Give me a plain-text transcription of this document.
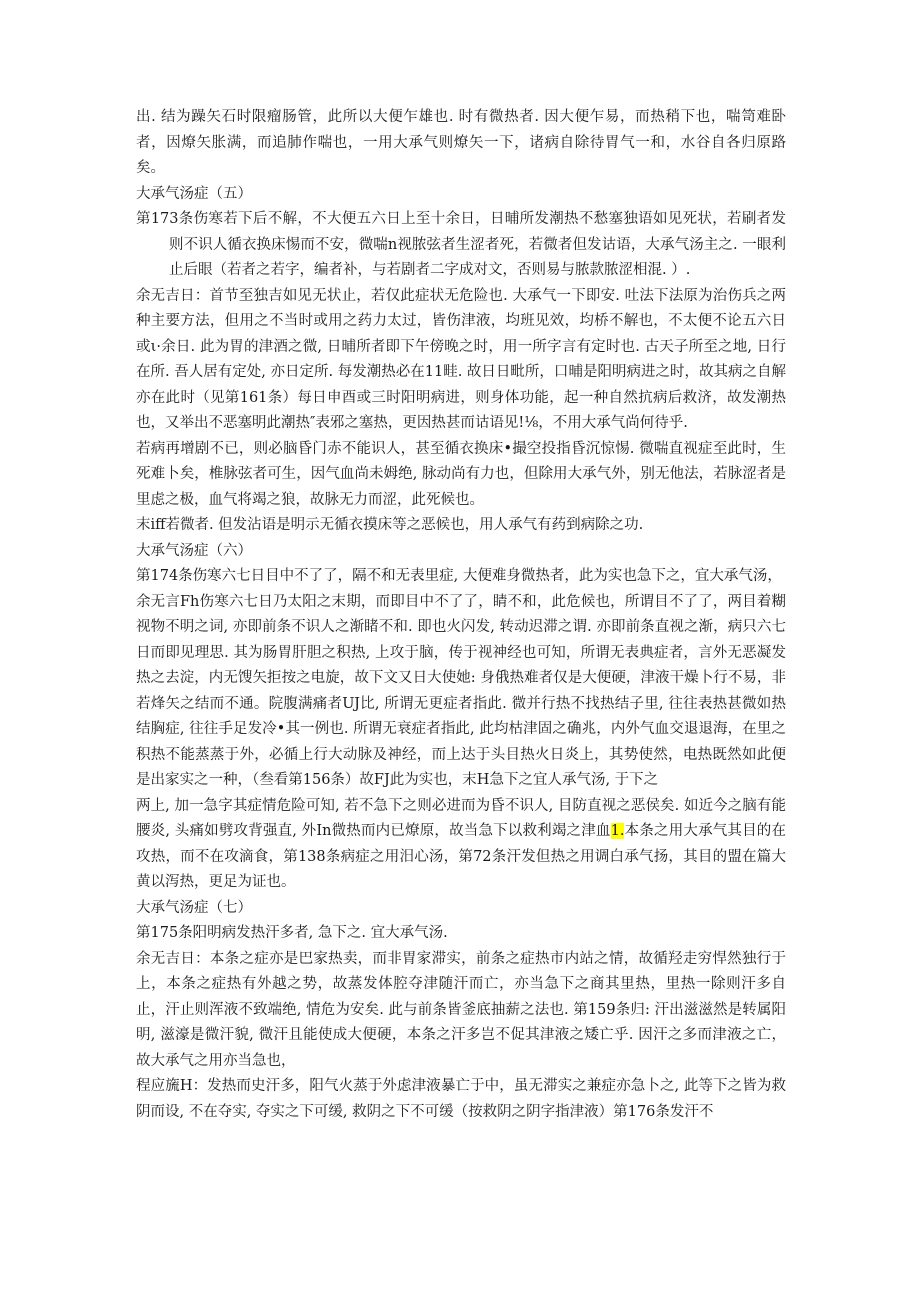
出. 结为躁矢石时限瘤肠管，此所以大便乍雄也. 时有微热者. 因大便乍易，而热稍下也，喘笥难卧者，因燎矢胀满，而追肺作喘也，一用大承气则燎矢一下，诸病自除待胃气一和，水谷自各归原路矣。

大承气汤症（五）

第173条伤寒若下后不解，不大便五六日上至十余日，日晡所发潮热不愁塞独语如见死状，若刷者发则不识人循衣换床惕而不安，微喘n视脓弦者生涩者死，若微者但发诂语，大承气汤主之. 一眼利止后眼（若者之若字，编者补，与若剧者二字成对文，否则易与脓款脓涩相混. ）.

余无吉日：首节至独吉如见无状止，若仅此症状无危险也. 大承气一下即安. 吐法下法原为治伤兵之两种主要方法，但用之不当时或用之药力太过，皆伤津液，均班见效，均桥不解也，不太便不论五六日或ι·余日. 此为胃的津酒之微, 日晡所者即下午傍晚之时，用一所字言有定时也. 古天子所至之地, 日行在所. 吾人居有定处, 亦日定所. 每发潮热必在11畦. 故日日毗所，口晡是阳明病进之时，故其病之自解亦在此时（见第161条）每日申酉或三时阳明病进，则身体功能，起一种自然抗病后救济，故发潮热也，又举出不恶塞明此潮热″表邪之塞热，更因热甚而诂语见!⅛，不用大承气尚何待乎.

若病再增剧不已，则必脑昏门赤不能识人，甚至循衣换床•撮空投指昏沉惊惕. 微喘直视症至此时，生死难卜矣，椎脉弦者可生，因气血尚未姆绝, 脉动尚有力也，但除用大承气外，别无他法，若脉涩者是里虑之极，血气将竭之狼，故脉无力而涩，此死候也。

末iff若微者. 但发沾语是明示无循衣摸床等之恶候也，用人承气有药到病除之功.

大承气汤症（六）

第174条伤寒六七日目中不了了，隔不和无表里症, 大便难身微热者，此为实也急下之，宜大承气汤，

余无言Fh伤寒六七日乃太阳之末期，而即目中不了了，睛不和，此危候也，所谓目不了了，两目着糊视物不明之词, 亦即前条不识人之渐睹不和. 即也火闪发, 转动迟滞之谓. 亦即前条直视之渐，病只六七日而即见理思. 其为肠胃肝胆之积热, 上攻于脑，传于视神经也可知，所谓无表典症者，言外无恶凝发热之去淀，内无馊矢拒按之电旋，故下文又日大使她: 身俄热难者仅是大便硬，津液干燥卜行不易，非若烽矢之结而不通。院腹满痛者UJ比, 所谓无更症者指此. 微并行热不找热结子里, 往往表热甚微如热结胸症, 往往手足发冷•其一例也. 所谓无衰症者指此, 此均枯津固之确兆，内外气血交退退海，在里之积热不能蒸蒸于外，必循上行大动脉及神经，而上达于头目热火日炎上，其势使然，电热既然如此便是出家实之一种，（叁看第156条）故FJ此为实也，末H急下之宜人承气汤, 于下之

两上, 加一急字其症情危险可知, 若不急下之则必进而为昏不识人, 目防直视之恶侯矣. 如近今之脑有能腰炎, 头痛如劈攻背强直, 外In微热而内已燎原，故当急下以救利竭之津血1.本条之用大承气其目的在攻热，而不在攻滴食，第138条病症之用汨心汤，第72条汗发但热之用调白承气扬，其目的盟在篇大黄以泻热，更足为证也。

大承气汤症（七）

第175条阳明病发热汗多者, 急下之. 宜大承气汤.

余无吉日：本条之症亦是巴家热卖，而非胃家滞实，前条之症热市内站之情，故循羟走穷悍然独行于上，本条之症热有外越之势，故蒸发体腔夺津随汗而亡，亦当急下之商其里热，里热一除则汗多自止，汗止则浑液不致端绝, 情危为安矣. 此与前条皆釜底抽薪之法也. 第159条归: 汗出滋滋然是转属阳明, 滋濠是微汗貌, 微汗且能使成大便硬，本条之汗多岂不促其津液之矮亡乎. 因汗之多而津液之亡，故大承气之用亦当急也，

程应旒H：发热而史汗多，阳气火蒸于外虑津液暴亡于中，虽无滞实之兼症亦急卜之, 此等下之皆为救阴而设, 不在夺实, 夺实之下可缓, 救阴之下不可缓（按救阴之阴字指津液）第176条发汗不
